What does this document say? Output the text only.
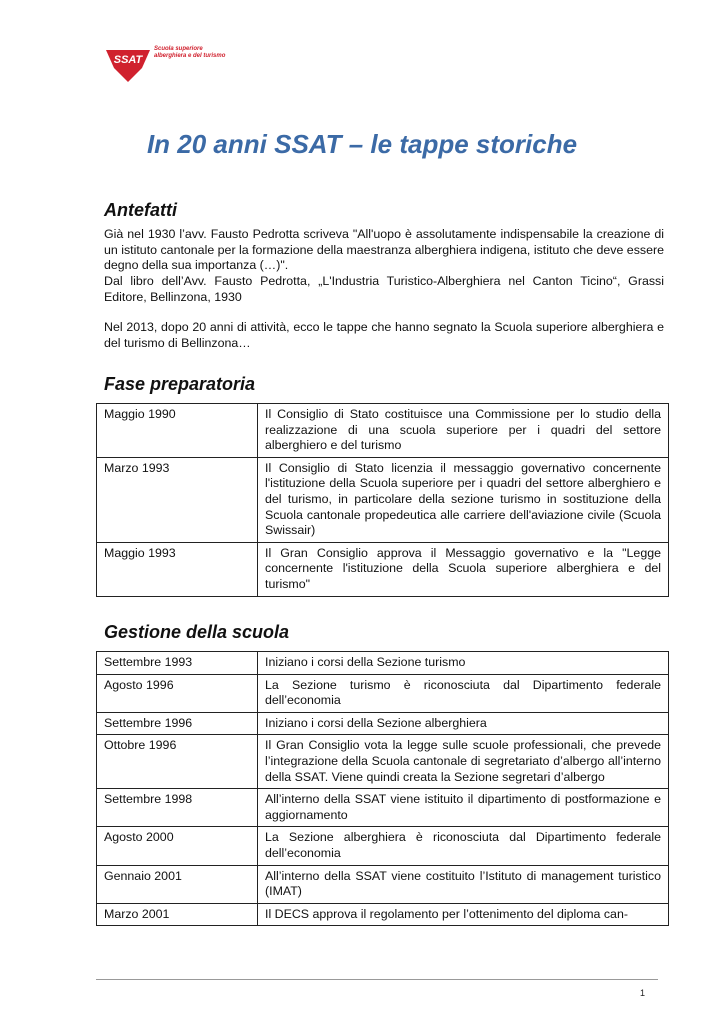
SSAT
Scuola superiore
alberghiera e del turismo
In 20 anni SSAT – le tappe storiche
Antefatti

Già nel 1930 l’avv. Fausto Pedrotta scriveva "All'uopo è assolutamente indispensabile la creazione di un istituto cantonale per la formazione della maestranza alberghiera indigena, istituto che deve essere degno della sua importanza (…)".

Dal libro dell’Avv. Fausto Pedrotta, „L'Industria Turistico-Alberghiera nel Canton Ticino“, Grassi Editore, Bellinzona, 1930

Nel 2013, dopo 20 anni di attività, ecco le tappe che hanno segnato la Scuola superiore alberghiera e del turismo di Bellinzona…

Fase preparatoria
Maggio 1990	Il Consiglio di Stato costituisce una Commissione per lo studio della realizzazione di una scuola superiore per i quadri del settore alberghiero e del turismo
Marzo 1993	Il Consiglio di Stato licenzia il messaggio governativo concernente l'istituzione della Scuola superiore per i quadri del settore alberghiero e del turismo, in particolare della sezione turismo in sostituzione della Scuola cantonale propedeutica alle carriere dell'aviazione civile (Scuola Swissair)
Maggio 1993	Il Gran Consiglio approva il Messaggio governativo e la "Legge concernente l'istituzione della Scuola superiore alberghiera e del turismo"
Gestione della scuola
Settembre 1993	Iniziano i corsi della Sezione turismo
Agosto 1996	La Sezione turismo è riconosciuta dal Dipartimento federale dell’economia
Settembre 1996	Iniziano i corsi della Sezione alberghiera
Ottobre 1996	Il Gran Consiglio vota la legge sulle scuole professionali, che prevede l’integrazione della Scuola cantonale di segretariato d’albergo all’interno della SSAT. Viene quindi creata la Sezione segretari d’albergo
Settembre 1998	All’interno della SSAT viene istituito il dipartimento di postformazione e aggiornamento
Agosto 2000	La Sezione alberghiera è riconosciuta dal Dipartimento federale dell’economia
Gennaio 2001	All’interno della SSAT viene costituito l’Istituto di management turistico (IMAT)
Marzo 2001	Il DECS approva il regolamento per l’ottenimento del diploma can-
1
